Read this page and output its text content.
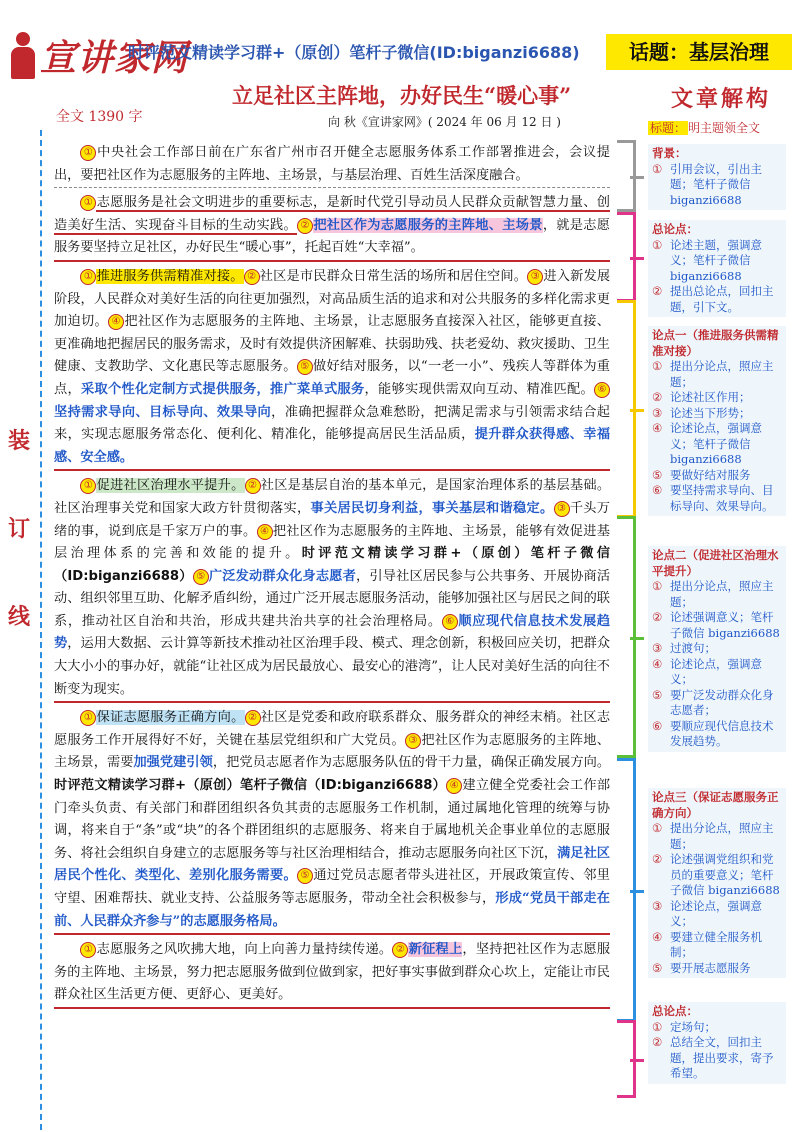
宣讲家网
时评范文精读学习群+（原创）笔杆子微信(ID:biganzi6688)	话题：基层治理
立足社区主阵地，办好民生“暖心事”
向 秋《宣讲家网》( 2024 年 06 月 12 日 )
全文 1390 字
装
订
线

① 中央社会工作部日前在广东省广州市召开健全志愿服务体系工作部署推进会，会议提出，要把社区作为志愿服务的主阵地、主场景，与基层治理、百姓生活深度融合。

① 志愿服务是社会文明进步的重要标志，是新时代党引导动员人民群众贡献智慧力量、创造美好生活、实现奋斗目标的生动实践。 ② 把社区作为志愿服务的主阵地、主场景，就是志愿服务要坚持立足社区，办好民生“暖心事”，托起百姓“大幸福”。

① 推进服务供需精准对接。 ② 社区是市民群众日常生活的场所和居住空间。 ③ 进入新发展阶段，人民群众对美好生活的向往更加强烈，对高品质生活的追求和对公共服务的多样化需求更加迫切。 ④ 把社区作为志愿服务的主阵地、主场景，让志愿服务直接深入社区，能够更直接、更准确地把握居民的服务需求，及时有效提供济困解难、扶弱助残、扶老爱幼、救灾援助、卫生健康、支教助学、文化惠民等志愿服务。 ⑤ 做好结对服务，以“一老一小”、残疾人等群体为重点，采取个性化定制方式提供服务，推广菜单式服务，能够实现供需双向互动、精准匹配。 ⑥坚持需求导向、目标导向、效果导向，准确把握群众急难愁盼，把满足需求与引领需求结合起来，实现志愿服务常态化、便利化、精准化，能够提高居民生活品质，提升群众获得感、幸福感、安全感。

① 促进社区治理水平提升。 ② 社区是基层自治的基本单元，是国家治理体系的基层基础。社区治理事关党和国家大政方针贯彻落实，事关居民切身利益，事关基层和谐稳定。 ③ 千头万绪的事，说到底是千家万户的事。 ④ 把社区作为志愿服务的主阵地、主场景，能够有效促进基层治理体系的完善和效能的提升。时评范文精读学习群+（原创）笔杆子微信（ID:biganzi6688） ⑤ 广泛发动群众化身志愿者，引导社区居民参与公共事务、开展协商活动、组织邻里互助、化解矛盾纠纷，通过广泛开展志愿服务活动，能够加强社区与居民之间的联系，推动社区自治和共治，形成共建共治共享的社会治理格局。 ⑥ 顺应现代信息技术发展趋势，运用大数据、云计算等新技术推动社区治理手段、模式、理念创新，积极回应关切，把群众大大小小的事办好，就能“让社区成为居民最放心、最安心的港湾”，让人民对美好生活的向往不断变为现实。

① 保证志愿服务正确方向。 ② 社区是党委和政府联系群众、服务群众的神经末梢。社区志愿服务工作开展得好不好，关键在基层党组织和广大党员。 ③ 把社区作为志愿服务的主阵地、主场景，需要加强党建引领，把党员志愿者作为志愿服务队伍的骨干力量，确保正确发展方向。时评范文精读学习群+（原创）笔杆子微信（ID:biganzi6688） ④ 建立健全党委社会工作部门牵头负责、有关部门和群团组织各负其责的志愿服务工作机制，通过属地化管理的统筹与协调，将来自于“条”或“块”的各个群团组织的志愿服务、将来自于属地机关企事业单位的志愿服务、将社会组织自身建立的志愿服务等与社区治理相结合，推动志愿服务向社区下沉，满足社区居民个性化、类型化、差别化服务需要。 ⑤ 通过党员志愿者带头进社区，开展政策宣传、邻里守望、困难帮扶、就业支持、公益服务等志愿服务，带动全社会积极参与，形成“党员干部走在前、人民群众齐参与”的志愿服务格局。

① 志愿服务之风吹拂大地，向上向善力量持续传递。 ② 新征程上，坚持把社区作为志愿服务的主阵地、主场景，努力把志愿服务做到位做到家，把好事实事做到群众心坎上，定能让市民群众社区生活更方便、更舒心、更美好。

文章解构
标题： 明主题领全文
背景：
① 引用会议，引出主题；笔杆子微信 biganzi6688
总论点：
① 论述主题，强调意义；笔杆子微信 biganzi6688
② 提出总论点，回扣主题，引下文。
论点一（推进服务供需精准对接）
① 提出分论点，照应主题；
② 论述社区作用；
③ 论述当下形势；
④ 论述论点，强调意义；笔杆子微信 biganzi6688
⑤ 要做好结对服务
⑥ 要坚持需求导向、目标导向、效果导向。
论点二（促进社区治理水平提升）
① 提出分论点，照应主题；
② 论述强调意义；笔杆子微信 biganzi6688
③ 过渡句；
④ 论述论点，强调意义；
⑤ 要广泛发动群众化身志愿者；
⑥ 要顺应现代信息技术发展趋势。
论点三（保证志愿服务正确方向）
① 提出分论点，照应主题；
② 论述强调党组织和党员的重要意义；笔杆子微信 biganzi6688
③ 论述论点，强调意义；
④ 要建立健全服务机制；
⑤ 要开展志愿服务
总论点：
① 定场句；
② 总结全文，回扣主题，提出要求，寄予希望。
